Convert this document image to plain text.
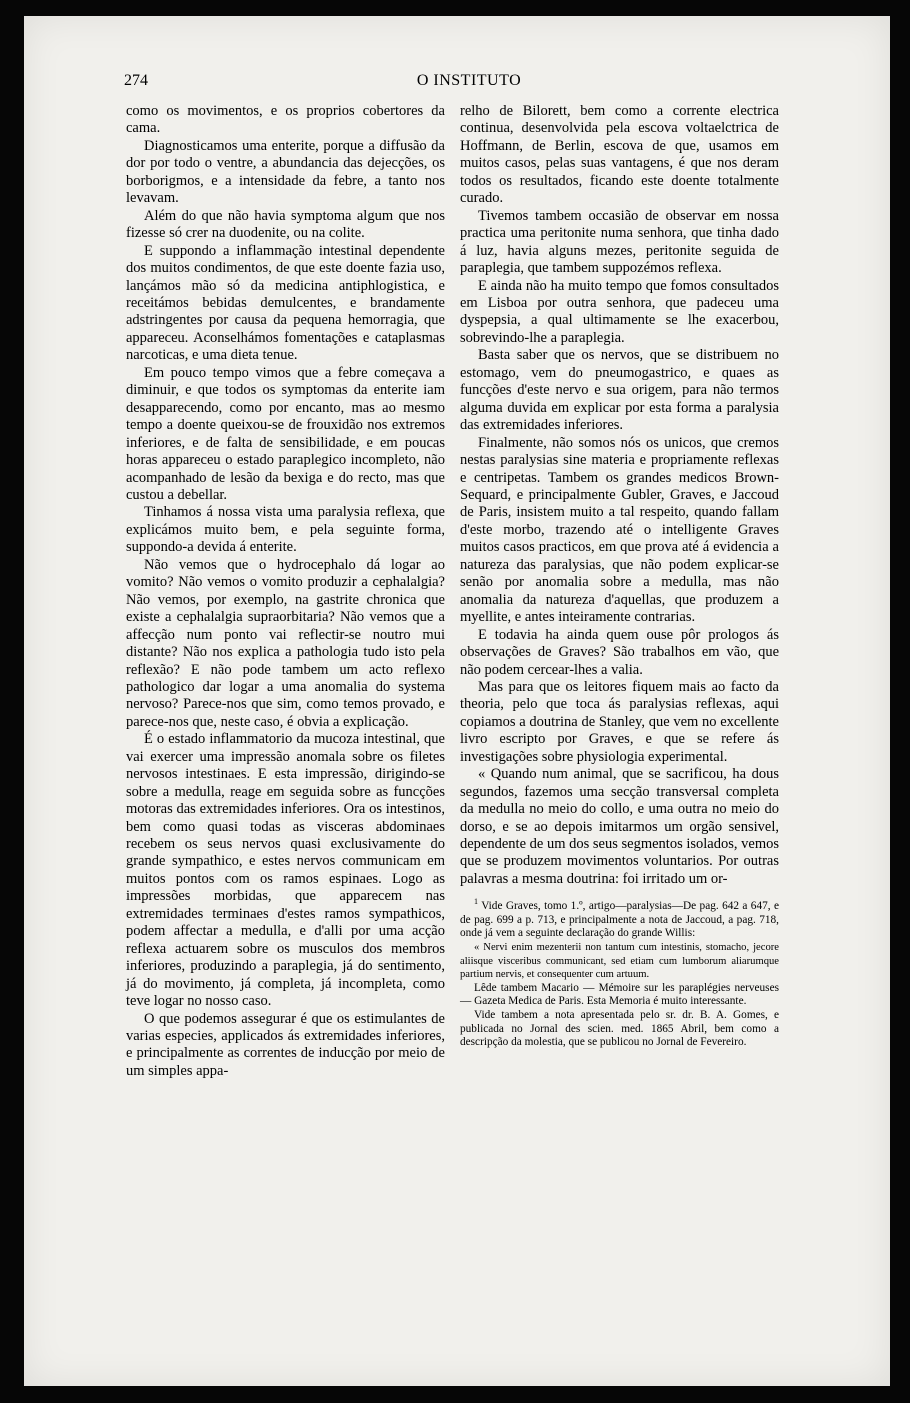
274	O INSTITUTO

como os movimentos, e os proprios cobertores da cama.

Diagnosticamos uma enterite, porque a diffusão da dor por todo o ventre, a abundancia das dejecções, os borborigmos, e a intensidade da febre, a tanto nos levavam.

Além do que não havia symptoma algum que nos fizesse só crer na duodenite, ou na colite.

E suppondo a inflammação intestinal dependente dos muitos condimentos, de que este doente fazia uso, lançámos mão só da medicina antiphlogistica, e receitámos bebidas demulcentes, e brandamente adstringentes por causa da pequena hemorragia, que appareceu. Aconselhámos fomentações e cataplasmas narcoticas, e uma dieta tenue.

Em pouco tempo vimos que a febre começava a diminuir, e que todos os symptomas da enterite iam desapparecendo, como por encanto, mas ao mesmo tempo a doente queixou-se de frouxidão nos extremos inferiores, e de falta de sensibilidade, e em poucas horas appareceu o estado paraplegico incompleto, não acompanhado de lesão da bexiga e do recto, mas que custou a debellar.

Tinhamos á nossa vista uma paralysia reflexa, que explicámos muito bem, e pela seguinte forma, suppondo-a devida á enterite.

Não vemos que o hydrocephalo dá logar ao vomito? Não vemos o vomito produzir a cephalalgia? Não vemos, por exemplo, na gastrite chronica que existe a cephalalgia supraorbitaria? Não vemos que a affecção num ponto vai reflectir-se noutro mui distante? Não nos explica a pathologia tudo isto pela reflexão? E não pode tambem um acto reflexo pathologico dar logar a uma anomalia do systema nervoso? Parece-nos que sim, como temos provado, e parece-nos que, neste caso, é obvia a explicação.

É o estado inflammatorio da mucoza intestinal, que vai exercer uma impressão anomala sobre os filetes nervosos intestinaes. E esta impressão, dirigindo-se sobre a medulla, reage em seguida sobre as funcções motoras das extremidades inferiores. Ora os intestinos, bem como quasi todas as visceras abdominaes recebem os seus nervos quasi exclusivamente do grande sympathico, e estes nervos communicam em muitos pontos com os ramos espinaes. Logo as impressões morbidas, que apparecem nas extremidades terminaes d'estes ramos sympathicos, podem affectar a medulla, e d'alli por uma acção reflexa actuarem sobre os musculos dos membros inferiores, produzindo a paraplegia, já do sentimento, já do movimento, já completa, já incompleta, como teve logar no nosso caso.

O que podemos assegurar é que os estimulantes de varias especies, applicados ás extremidades inferiores, e principalmente as correntes de inducção por meio de um simples appa-

relho de Bilorett, bem como a corrente electrica continua, desenvolvida pela escova voltaelctrica de Hoffmann, de Berlin, escova de que, usamos em muitos casos, pelas suas vantagens, é que nos deram todos os resultados, ficando este doente totalmente curado.

Tivemos tambem occasião de observar em nossa practica uma peritonite numa senhora, que tinha dado á luz, havia alguns mezes, peritonite seguida de paraplegia, que tambem suppozémos reflexa.

E ainda não ha muito tempo que fomos consultados em Lisboa por outra senhora, que padeceu uma dyspepsia, a qual ultimamente se lhe exacerbou, sobrevindo-lhe a paraplegia.

Basta saber que os nervos, que se distribuem no estomago, vem do pneumogastrico, e quaes as funcções d'este nervo e sua origem, para não termos alguma duvida em explicar por esta forma a paralysia das extremidades inferiores.

Finalmente, não somos nós os unicos, que cremos nestas paralysias sine materia e propriamente reflexas e centripetas. Tambem os grandes medicos Brown-Sequard, e principalmente Gubler, Graves, e Jaccoud de Paris, insistem muito a tal respeito, quando fallam d'este morbo, trazendo até o intelligente Graves muitos casos practicos, em que prova até á evidencia a natureza das paralysias, que não podem explicar-se senão por anomalia sobre a medulla, mas não anomalia da natureza d'aquellas, que produzem a myellite, e antes inteiramente contrarias.

E todavia ha ainda quem ouse pôr prologos ás observações de Graves? São trabalhos em vão, que não podem cercear-lhes a valia.

Mas para que os leitores fiquem mais ao facto da theoria, pelo que toca ás paralysias reflexas, aqui copiamos a doutrina de Stanley, que vem no excellente livro escripto por Graves, e que se refere ás investigações sobre physiologia experimental.

« Quando num animal, que se sacrificou, ha dous segundos, fazemos uma secção transversal completa da medulla no meio do collo, e uma outra no meio do dorso, e se ao depois imitarmos um orgão sensivel, dependente de um dos seus segmentos isolados, vemos que se produzem movimentos voluntarios. Por outras palavras a mesma doutrina: foi irritado um or-

$^1$ Vide Graves, tomo 1.º, artigo—paralysias—De pag. 642 a 647, e de pag. 699 a p. 713, e principalmente a nota de Jaccoud, a pag. 718, onde já vem a seguinte declaração do grande Willis:

« Nervi enim mezenterii non tantum cum intestinis, stomacho, jecore aliisque visceribus communicant, sed etiam cum lumborum aliarumque partium nervis, et consequenter cum artuum.

Lêde tambem Macario — Mémoire sur les paraplégies nerveuses — Gazeta Medica de Paris. Esta Memoria é muito interessante.

Vide tambem a nota apresentada pelo sr. dr. B. A. Gomes, e publicada no Jornal des scien. med. 1865 Abril, bem como a descripção da molestia, que se publicou no Jornal de Fevereiro.
